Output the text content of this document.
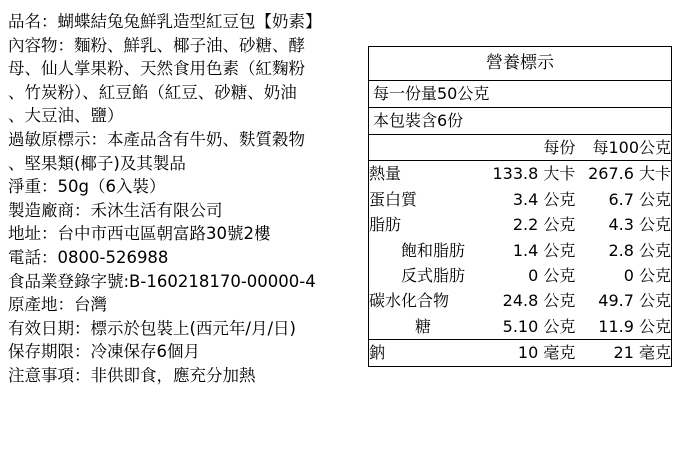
品名：蝴蝶結兔兔鮮乳造型紅豆包【奶素】
內容物：麵粉、鮮乳、椰子油、砂糖、酵
母、仙人掌果粉、天然食用色素（紅麴粉
、竹炭粉）、紅豆餡（紅豆、砂糖、奶油
、大豆油、鹽）
過敏原標示：本產品含有牛奶、麩質穀物
、堅果類(椰子)及其製品
淨重：50g（6入裝）
製造廠商：禾沐生活有限公司
地址：台中市西屯區朝富路30號2樓
電話：0800-526988
食品業登錄字號:B-160218170-00000-4
原產地：台灣
有效日期：標示於包裝上(西元年/月/日)
保存期限：冷凍保存6個月
注意事項：非供即食，應充分加熱
營養標示
每一份量50公克
本包裝含6份
	每份	每100公克
熱量	133.8 大卡	267.6 大卡
蛋白質	3.4 公克	6.7 公克
脂肪	2.2 公克	4.3 公克
飽和脂肪	1.4 公克	2.8 公克
反式脂肪	0 公克	0 公克
碳水化合物	24.8 公克	49.7 公克
糖	5.10 公克	11.9 公克
鈉	10 毫克	21 毫克
